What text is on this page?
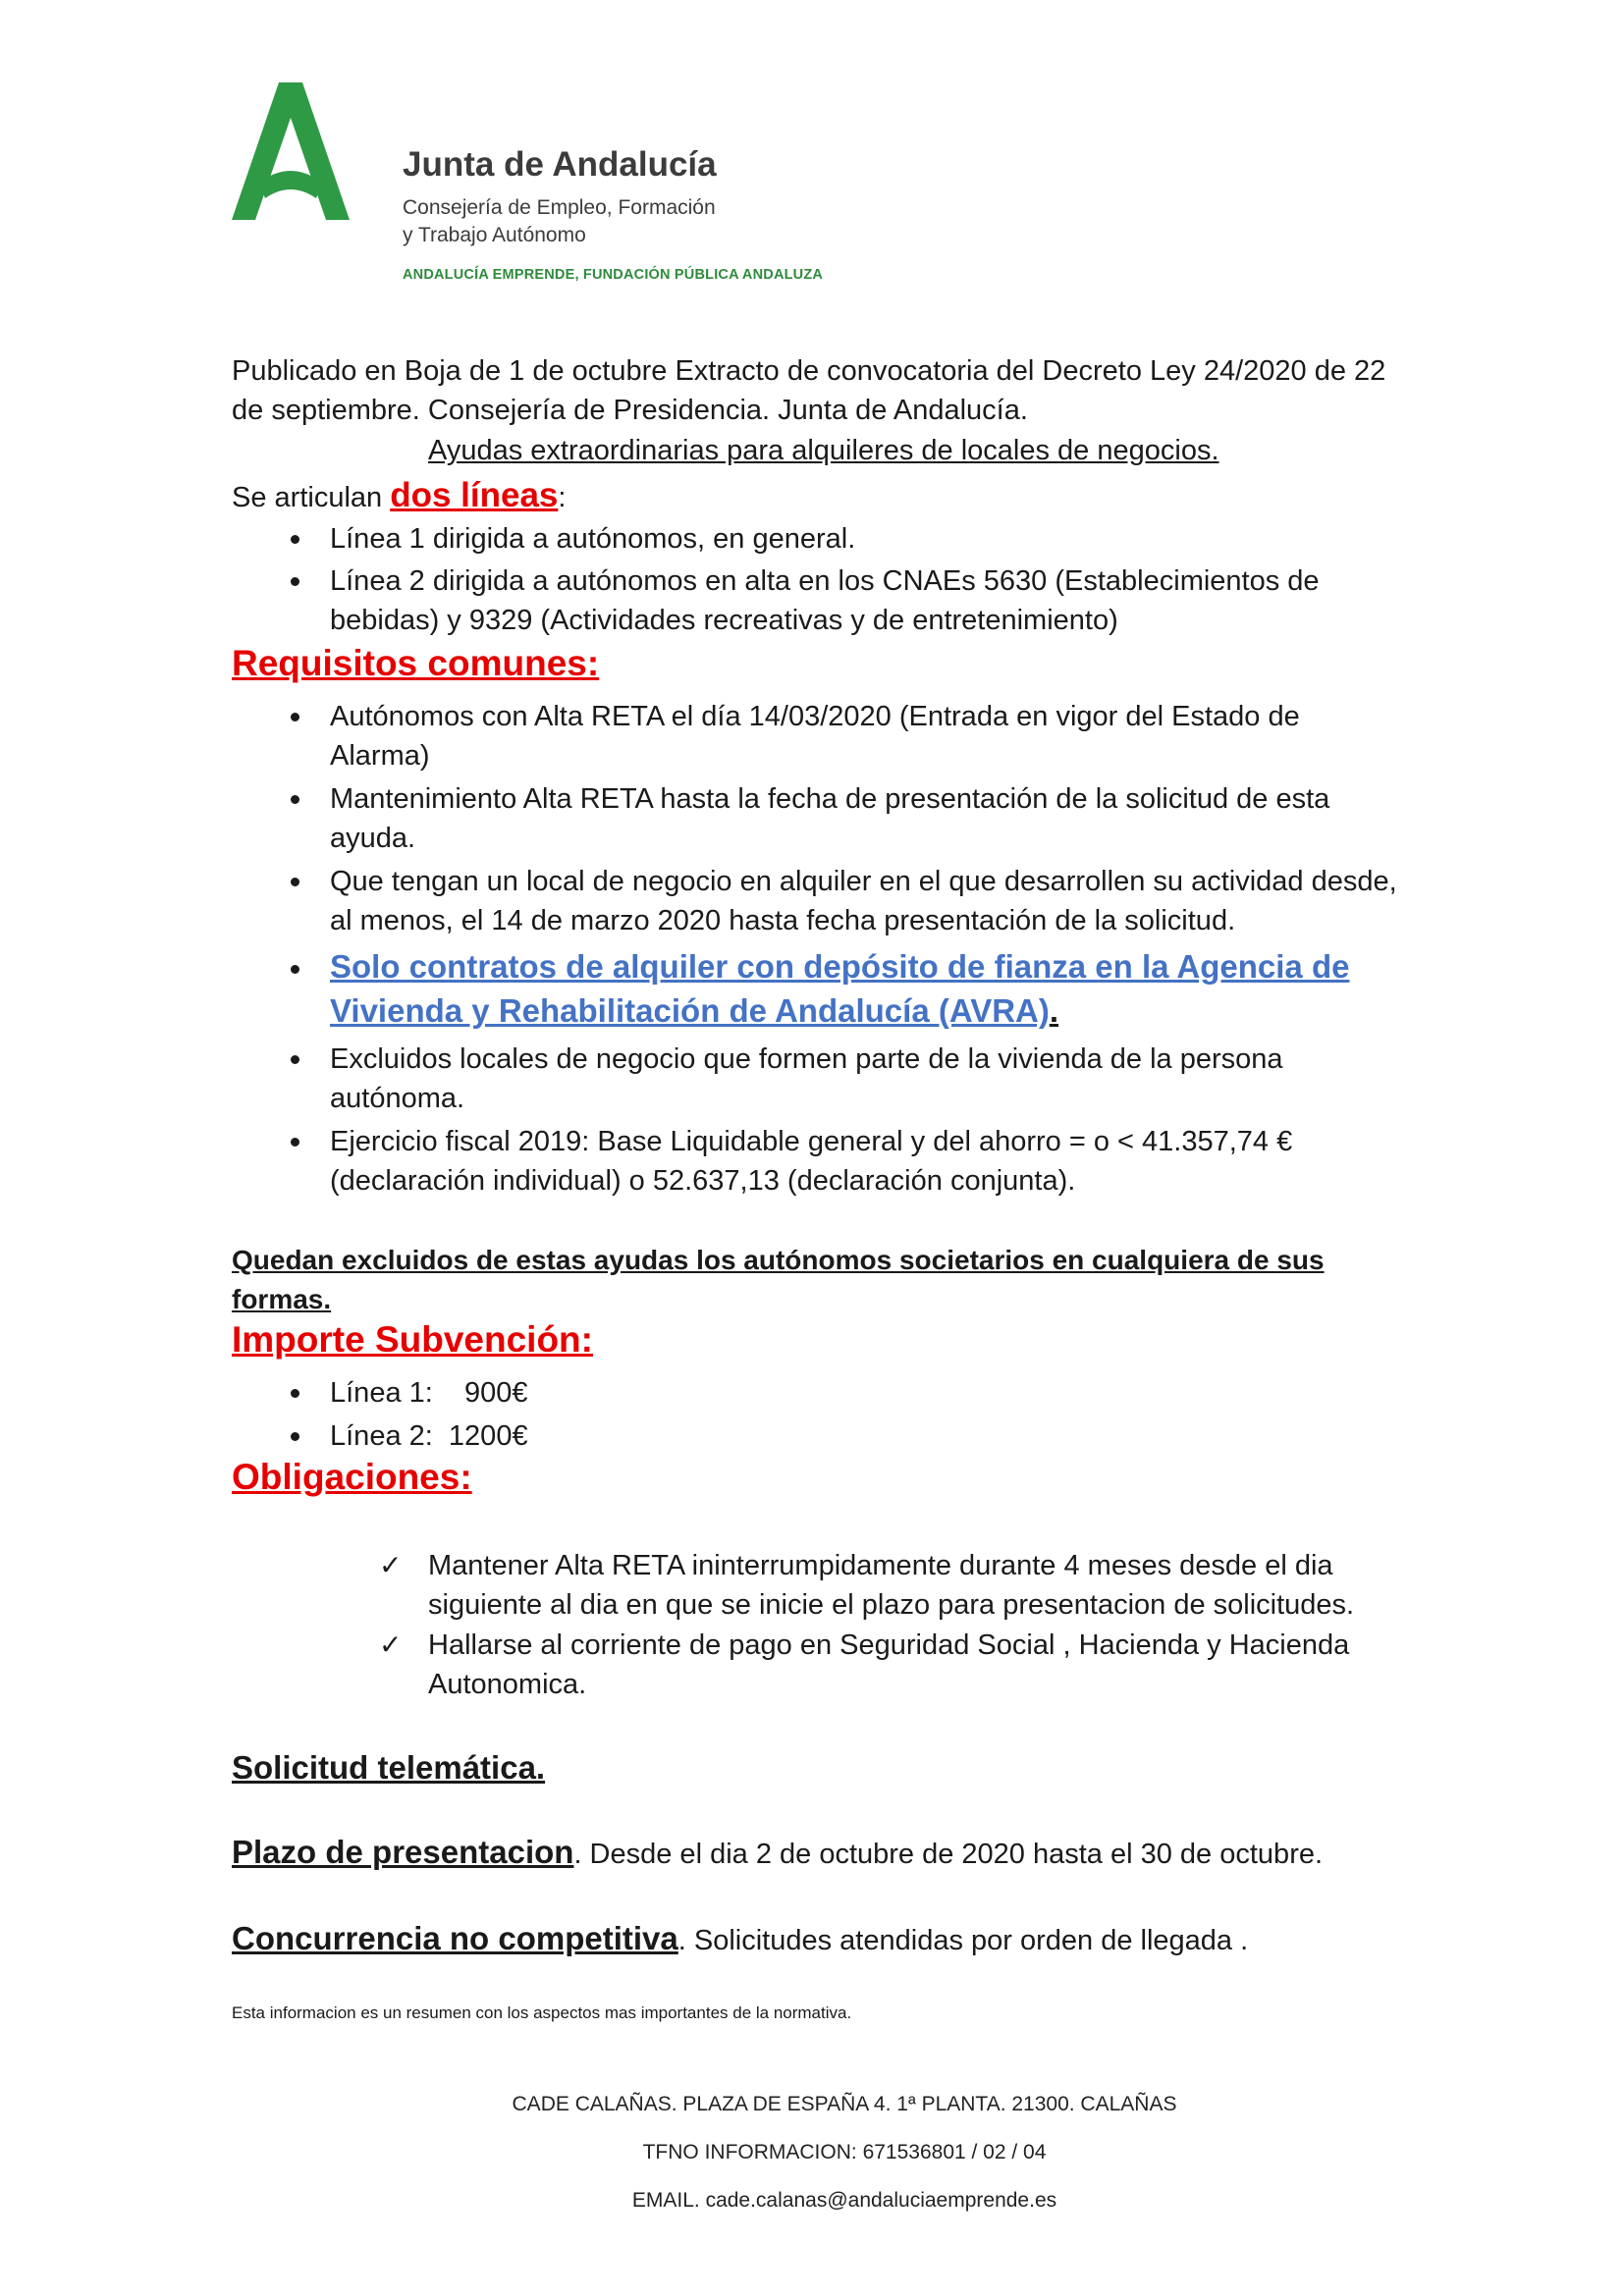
Junta de Andalucía
Consejería de Empleo, Formación
y Trabajo Autónomo
ANDALUCÍA EMPRENDE, FUNDACIÓN PÚBLICA ANDALUZA
Publicado en Boja de 1 de octubre Extracto de convocatoria del Decreto Ley 24/2020 de 22
de septiembre. Consejería de Presidencia. Junta de Andalucía.
Ayudas extraordinarias para alquileres de locales de negocios.
Se articulan dos líneas:
Línea 1 dirigida a autónomos, en general.
Línea 2 dirigida a autónomos en alta en los CNAEs 5630 (Establecimientos de
bebidas) y 9329 (Actividades recreativas y de entretenimiento)
Requisitos comunes:
Autónomos con Alta RETA el día 14/03/2020 (Entrada en vigor del Estado de
Alarma)
Mantenimiento Alta RETA hasta la fecha de presentación de la solicitud de esta
ayuda.
Que tengan un local de negocio en alquiler en el que desarrollen su actividad desde,
al menos, el 14 de marzo 2020 hasta fecha presentación de la solicitud.
Solo contratos de alquiler con depósito de fianza en la Agencia de
Vivienda y Rehabilitación de Andalucía (AVRA).
Excluidos locales de negocio que formen parte de la vivienda de la persona
autónoma.
Ejercicio fiscal 2019: Base Liquidable general y del ahorro = o < 41.357,74 €
(declaración individual) o 52.637,13 (declaración conjunta).
Quedan excluidos de estas ayudas los autónomos societarios en cualquiera de sus
formas.
Importe Subvención:
Línea 1:    900€
Línea 2:  1200€
Obligaciones:
✓ Mantener Alta RETA ininterrumpidamente durante 4 meses desde el dia
siguiente al dia en que se inicie el plazo para presentacion de solicitudes.
✓ Hallarse al corriente de pago en Seguridad Social , Hacienda y Hacienda
Autonomica.
Solicitud telemática.
Plazo de presentacion. Desde el dia 2 de octubre de 2020 hasta el 30 de octubre.
Concurrencia no competitiva. Solicitudes atendidas por orden de llegada .
Esta informacion es un resumen con los aspectos mas importantes de la normativa.
CADE CALAÑAS. PLAZA DE ESPAÑA 4. 1ª PLANTA. 21300. CALAÑAS
TFNO INFORMACION: 671536801 / 02 / 04
EMAIL. cade.calanas@andaluciaemprende.es
